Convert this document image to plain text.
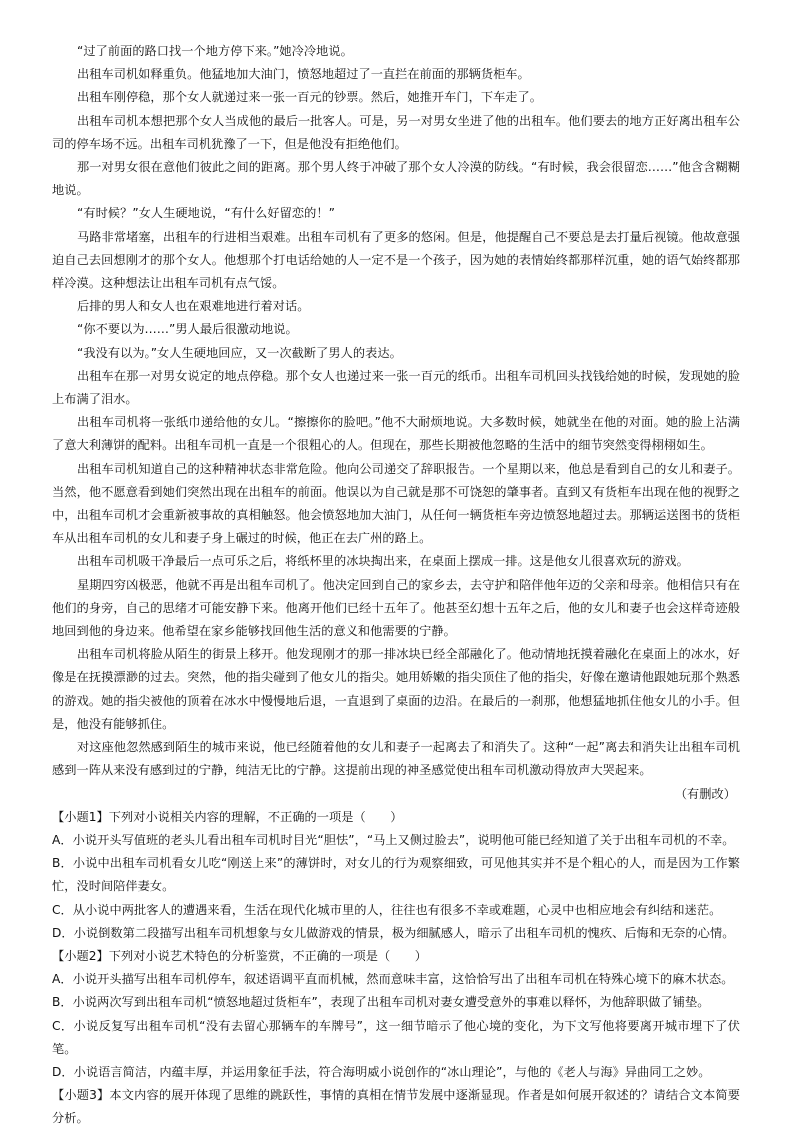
“过了前面的路口找一个地方停下来。”她冷冷地说。

出租车司机如释重负。他猛地加大油门，愤怒地超过了一直拦在前面的那辆货柜车。

出租车刚停稳，那个女人就递过来一张一百元的钞票。然后，她推开车门，下车走了。

出租车司机本想把那个女人当成他的最后一批客人。可是，另一对男女坐进了他的出租车。他们要去的地方正好离出租车公司的停车场不远。出租车司机犹豫了一下，但是他没有拒绝他们。

那一对男女很在意他们彼此之间的距离。那个男人终于冲破了那个女人冷漠的防线。“有时候，我会很留恋……”他含含糊糊地说。

“有时候？”女人生硬地说，“有什么好留恋的！”

马路非常堵塞，出租车的行进相当艰难。出租车司机有了更多的悠闲。但是，他提醒自己不要总是去打量后视镜。他故意强迫自己去回想刚才的那个女人。他想那个打电话给她的人一定不是一个孩子，因为她的表情始终都那样沉重，她的语气始终都那样冷漠。这种想法让出租车司机有点气馁。

后排的男人和女人也在艰难地进行着对话。

“你不要以为……”男人最后很激动地说。

“我没有以为。”女人生硬地回应，又一次截断了男人的表达。

出租车在那一对男女说定的地点停稳。那个女人也递过来一张一百元的纸币。出租车司机回头找钱给她的时候，发现她的脸上布满了泪水。

出租车司机将一张纸巾递给他的女儿。“擦擦你的脸吧。”他不大耐烦地说。大多数时候，她就坐在他的对面。她的脸上沾满了意大利薄饼的配料。出租车司机一直是一个很粗心的人。但现在，那些长期被他忽略的生活中的细节突然变得栩栩如生。

出租车司机知道自己的这种精神状态非常危险。他向公司递交了辞职报告。一个星期以来，他总是看到自己的女儿和妻子。当然，他不愿意看到她们突然出现在出租车的前面。他误以为自己就是那不可饶恕的肇事者。直到又有货柜车出现在他的视野之中，出租车司机才会重新被事故的真相触怒。他会愤怒地加大油门，从任何一辆货柜车旁边愤怒地超过去。那辆运送图书的货柜车从出租车司机的女儿和妻子身上碾过的时候，他正在去广州的路上。

出租车司机吸干净最后一点可乐之后，将纸杯里的冰块掏出来，在桌面上摆成一排。这是他女儿很喜欢玩的游戏。

星期四穷凶极恶，他就不再是出租车司机了。他决定回到自己的家乡去，去守护和陪伴他年迈的父亲和母亲。他相信只有在他们的身旁，自己的思绪才可能安静下来。他离开他们已经十五年了。他甚至幻想十五年之后，他的女儿和妻子也会这样奇迹般地回到他的身边来。他希望在家乡能够找回他生活的意义和他需要的宁静。

出租车司机将脸从陌生的街景上移开。他发现刚才的那一排冰块已经全部融化了。他动情地抚摸着融化在桌面上的冰水，好像是在抚摸漂渺的过去。突然，他的指尖碰到了他女儿的指尖。她用娇嫩的指尖顶住了他的指尖，好像在邀请他跟她玩那个熟悉的游戏。她的指尖被他的顶着在冰水中慢慢地后退，一直退到了桌面的边沿。在最后的一刹那，他想猛地抓住他女儿的小手。但是，他没有能够抓住。

对这座他忽然感到陌生的城市来说，他已经随着他的女儿和妻子一起离去了和消失了。这种“一起”离去和消失让出租车司机感到一阵从来没有感到过的宁静，纯洁无比的宁静。这提前出现的神圣感觉使出租车司机激动得放声大哭起来。

（有删改）

【小题1】下列对小说相关内容的理解，不正确的一项是（　　）

A．小说开头写值班的老头儿看出租车司机时目光“胆怯”，“马上又侧过脸去”，说明他可能已经知道了关于出租车司机的不幸。

B．小说中出租车司机看女儿吃“刚送上来”的薄饼时，对女儿的行为观察细致，可见他其实并不是个粗心的人，而是因为工作繁忙，没时间陪伴妻女。

C．从小说中两批客人的遭遇来看，生活在现代化城市里的人，往往也有很多不幸或难题，心灵中也相应地会有纠结和迷茫。

D．小说倒数第二段描写出租车司机想象与女儿做游戏的情景，极为细腻感人，暗示了出租车司机的愧疚、后悔和无奈的心情。

【小题2】下列对小说艺术特色的分析鉴赏，不正确的一项是（　　）

A．小说开头描写出租车司机停车，叙述语调平直而机械，然而意味丰富，这恰恰写出了出租车司机在特殊心境下的麻木状态。

B．小说两次写到出租车司机“愤怒地超过货柜车”，表现了出租车司机对妻女遭受意外的事难以释怀，为他辞职做了铺垫。

C．小说反复写出租车司机“没有去留心那辆车的车牌号”，这一细节暗示了他心境的变化，为下文写他将要离开城市埋下了伏笔。

D．小说语言简洁，内蕴丰厚，并运用象征手法，符合海明威小说创作的“冰山理论”，与他的《老人与海》异曲同工之妙。

【小题3】本文内容的展开体现了思维的跳跃性，事情的真相在情节发展中逐渐显现。作者是如何展开叙述的？请结合文本简要分析。
